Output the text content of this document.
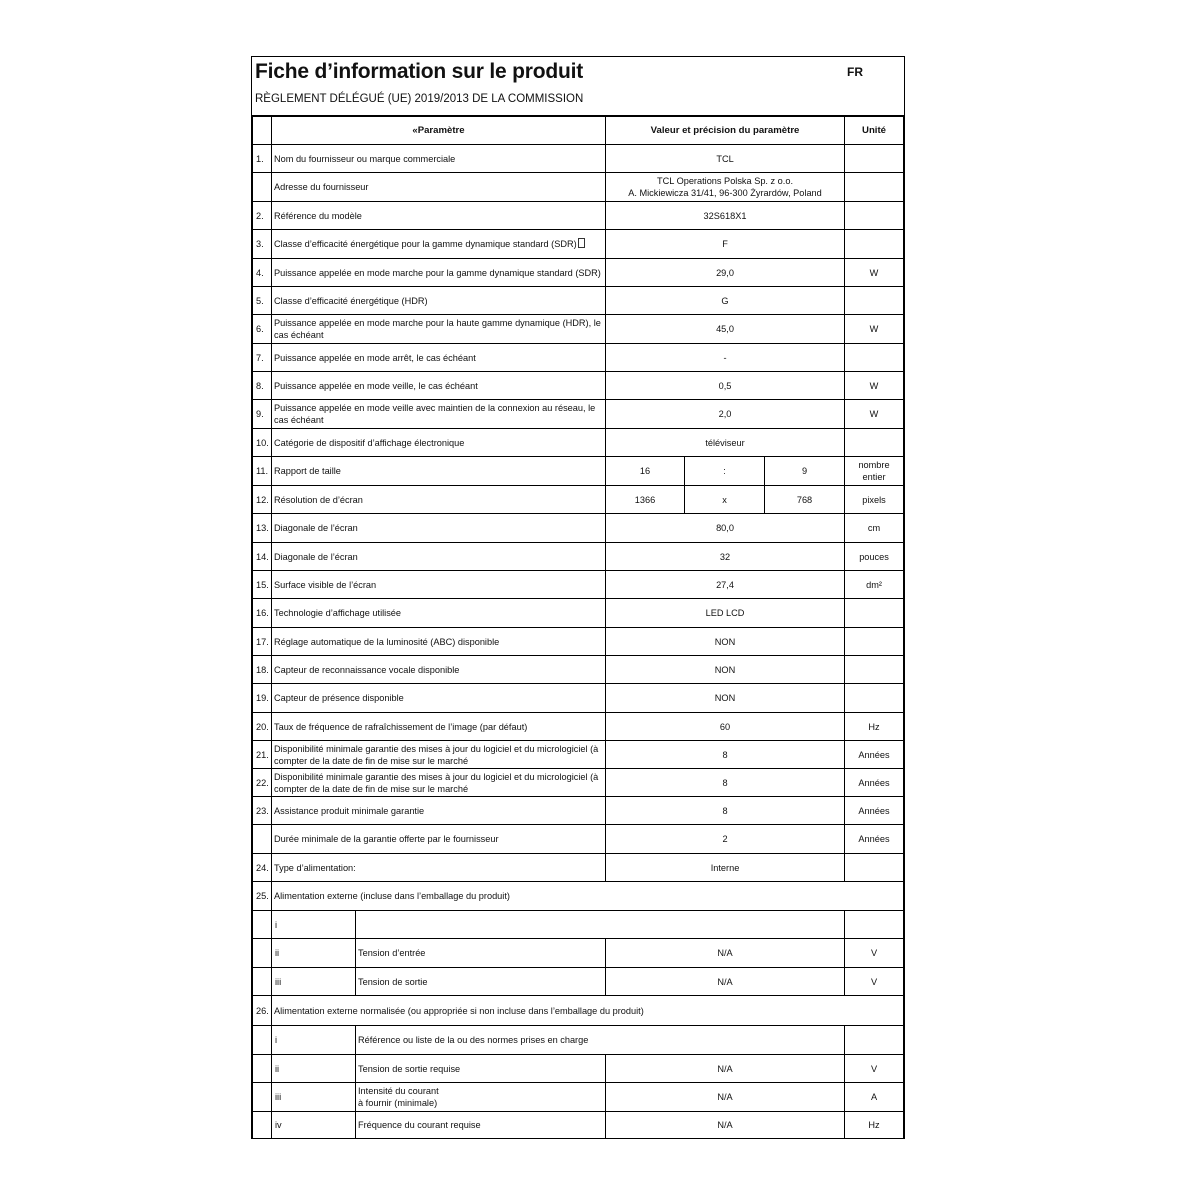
Fiche d’information sur le produit	FR
RÈGLEMENT DÉLÉGUÉ (UE) 2019/2013 DE LA COMMISSION
	«Paramètre		Valeur et précision du paramètre			Unité
1.	Nom du fournisseur ou marque commerciale		TCL			
	Adresse du fournisseur		TCL Operations Polska Sp. z o.o.
A. Mickiewicza 31/41, 96-300 Żyrardów, Poland			
2.	Référence du modèle		32S618X1			
3.	Classe d’efficacité énergétique pour la gamme dynamique standard (SDR)		F			
4.	Puissance appelée en mode marche pour la gamme dynamique standard (SDR)		29,0			W
5.	Classe d’efficacité énergétique (HDR)		G			
6.	Puissance appelée en mode marche pour la haute gamme dynamique (HDR), le cas échéant		45,0			W
7.	Puissance appelée en mode arrêt, le cas échéant		-			
8.	Puissance appelée en mode veille, le cas échéant		0,5			W
9.	Puissance appelée en mode veille avec maintien de la connexion au réseau, le cas échéant		2,0			W
10.	Catégorie de dispositif d’affichage électronique		téléviseur			
11.	Rapport de taille		16	:	9	nombre entier
12.	Résolution de d’écran		1366	x	768	pixels
13.	Diagonale de l’écran		80,0			cm
14.	Diagonale de l’écran		32			pouces
15.	Surface visible de l’écran		27,4			dm²
16.	Technologie d’affichage utilisée		LED LCD			
17.	Réglage automatique de la luminosité (ABC) disponible		NON			
18.	Capteur de reconnaissance vocale disponible		NON			
19.	Capteur de présence disponible		NON			
20.	Taux de fréquence de rafraîchissement de l’image (par défaut)		60			Hz
21.	Disponibilité minimale garantie des mises à jour du logiciel et du micrologiciel (à compter de la date de fin de mise sur le marché		8			Années
22.	Disponibilité minimale garantie des mises à jour du logiciel et du micrologiciel (à compter de la date de fin de mise sur le marché		8			Années
23.	Assistance produit minimale garantie		8			Années
	Durée minimale de la garantie offerte par le fournisseur		2			Années
24.	Type d’alimentation:		Interne			
25.	Alimentation externe (incluse dans l’emballage du produit)					
	i					
	ii	Tension d’entrée	N/A			V
	iii	Tension de sortie	N/A			V
26.	Alimentation externe normalisée (ou appropriée si non incluse dans l’emballage du produit)					
	i	Référence ou liste de la ou des normes prises en charge				
	ii	Tension de sortie requise	N/A			V
	iii	Intensité du courant
à fournir (minimale)	N/A			A
	iv	Fréquence du courant requise	N/A			Hz
